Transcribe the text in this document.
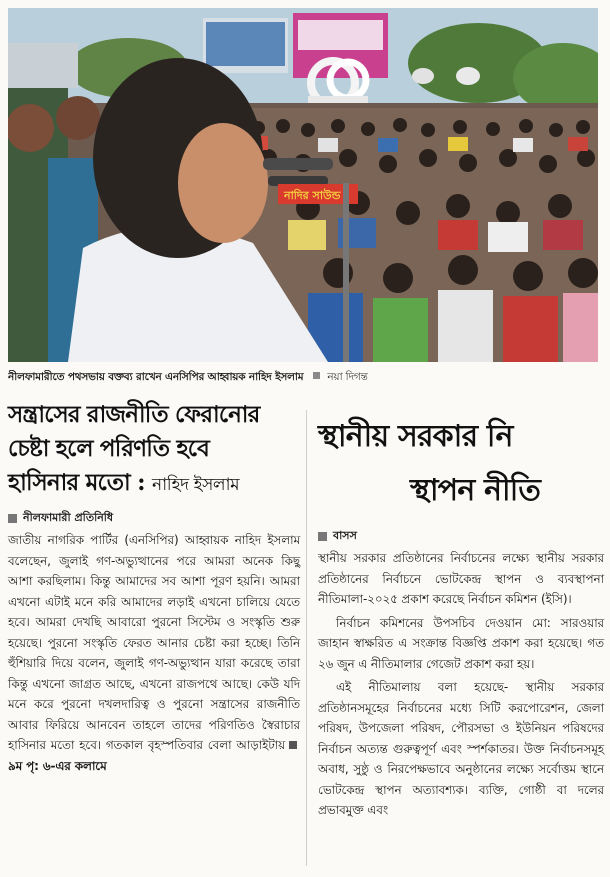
নাদির সাউন্ড
নীলফামারীতে পথসভায় বক্তব্য রাখেন এনসিপির আহ্বায়ক নাহিদ ইসলাম নয়া দিগন্ত
সন্ত্রাসের রাজনীতি ফেরানোর
চেষ্টা হলে পরিণতি হবে
হাসিনার মতো : নাহিদ ইসলাম
নীলফামারী প্রতিনিধি

জাতীয় নাগরিক পার্টির (এনসিপির) আহ্বায়ক নাহিদ ইসলাম বলেছেন, জুলাই গণ-অভ্যুত্থানের পরে আমরা অনেক কিছু আশা করছিলাম। কিন্তু আমাদের সব আশা পূরণ হয়নি। আমরা এখনো এটাই মনে করি আমাদের লড়াই এখনো চালিয়ে যেতে হবে। আমরা দেখছি আবারো পুরনো সিস্টেম ও সংস্কৃতি শুরু হয়েছে। পুরনো সংস্কৃতি ফেরত আনার চেষ্টা করা হচ্ছে। তিনি হুঁশিয়ারি দিয়ে বলেন, জুলাই গণ-অভ্যুত্থান যারা করেছে তারা কিন্তু এখনো জাগ্রত আছে, এখনো রাজপথে আছে। কেউ যদি মনে করে পুরনো দখলদারিত্ব ও পুরনো সন্ত্রাসের রাজনীতি আবার ফিরিয়ে আনবেন তাহলে তাদের পরিণতিও স্বৈরাচার হাসিনার মতো হবে। গতকাল বৃহস্পতিবার বেলা আড়াইটায়৯ম পৃ: ৬-এর কলামে

স্থানীয় সরকার নি
স্থাপন নীতি
বাসস

স্থানীয় সরকার প্রতিষ্ঠানের নির্বাচনের লক্ষ্যে স্থানীয় সরকার প্রতিষ্ঠানের নির্বাচনে ভোটকেন্দ্র স্থাপন ও ব্যবস্থাপনা নীতিমালা-২০২৫ প্রকাশ করেছে নির্বাচন কমিশন (ইসি)।

নির্বাচন কমিশনের উপসচিব দেওয়ান মো: সারওয়ার জাহান স্বাক্ষরিত এ সংক্রান্ত বিজ্ঞপ্তি প্রকাশ করা হয়েছে। গত ২৬ জুন এ নীতিমালার গেজেট প্রকাশ করা হয়।

এই নীতিমালায় বলা হয়েছে- স্থানীয় সরকার প্রতিষ্ঠানসমূহের নির্বাচনের মধ্যে সিটি করপোরেশন, জেলা পরিষদ, উপজেলা পরিষদ, পৌরসভা ও ইউনিয়ন পরিষদের নির্বাচন অত্যন্ত গুরুত্বপূর্ণ এবং স্পর্শকাতর। উক্ত নির্বাচনসমূহ অবাধ, সুষ্ঠু ও নিরপেক্ষভাবে অনুষ্ঠানের লক্ষ্যে সর্বোত্তম স্থানে ভোটকেন্দ্র স্থাপন অত্যাবশ্যক। ব্যক্তি, গোষ্ঠী বা দলের প্রভাবমুক্ত এবং
